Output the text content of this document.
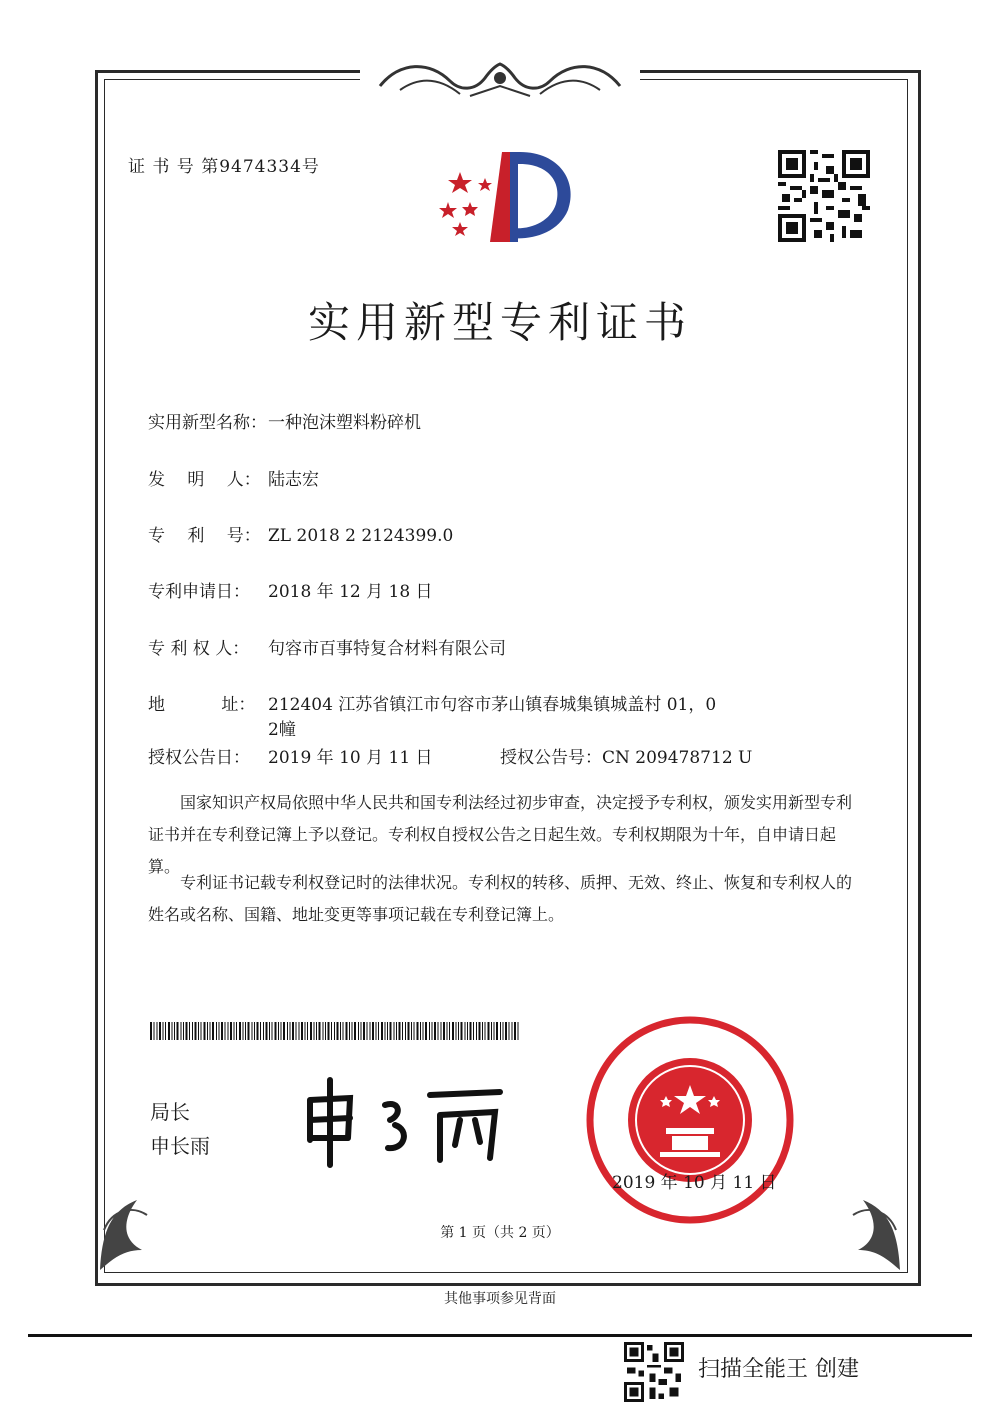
证 书 号 第9474334号
实用新型专利证书
实用新型名称：一种泡沫塑料粉碎机
发　 明　 人： 陆志宏
专　 利　 号： ZL 2018 2 2124399.0
专利申请日： 2018 年 12 月 18 日
专 利 权 人： 句容市百事特复合材料有限公司
地　　　 址： 212404 江苏省镇江市句容市茅山镇春城集镇城盖村 01，0
2幢
授权公告日： 2019 年 10 月 11 日	授权公告号：CN 209478712 U
国家知识产权局依照中华人民共和国专利法经过初步审查，决定授予专利权，颁发实用新型专利证书并在专利登记簿上予以登记。专利权自授权公告之日起生效。专利权期限为十年，自申请日起算。
专利证书记载专利权登记时的法律状况。专利权的转移、质押、无效、终止、恢复和专利权人的姓名或名称、国籍、地址变更等事项记载在专利登记簿上。
局长
申长雨
2019 年 10 月 11 日
第 1 页（共 2 页）
其他事项参见背面
扫描全能王 创建
